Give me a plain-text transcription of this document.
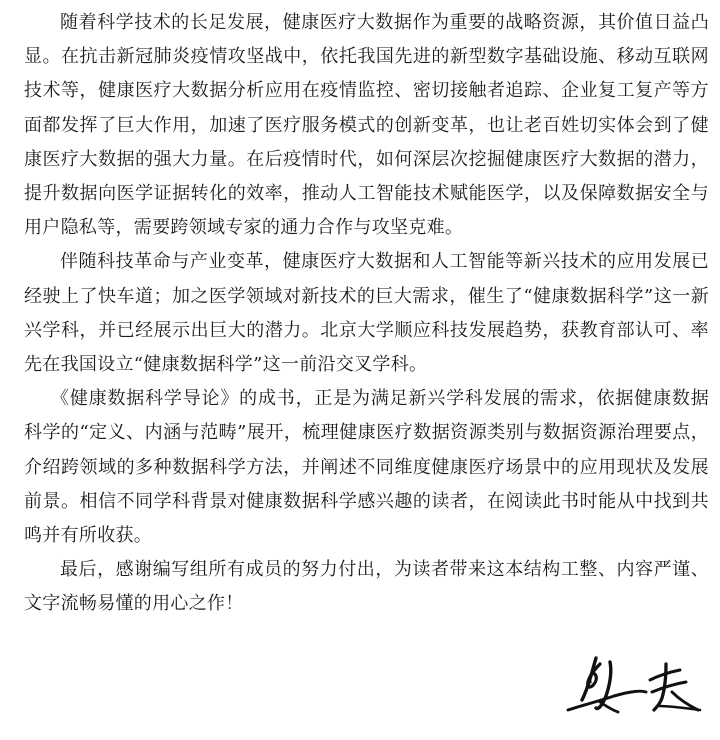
随着科学技术的长足发展，健康医疗大数据作为重要的战略资源，其价值日益凸显。在抗击新冠肺炎疫情攻坚战中，依托我国先进的新型数字基础设施、移动互联网技术等，健康医疗大数据分析应用在疫情监控、密切接触者追踪、企业复工复产等方面都发挥了巨大作用，加速了医疗服务模式的创新变革，也让老百姓切实体会到了健康医疗大数据的强大力量。在后疫情时代，如何深层次挖掘健康医疗大数据的潜力，提升数据向医学证据转化的效率，推动人工智能技术赋能医学，以及保障数据安全与用户隐私等，需要跨领域专家的通力合作与攻坚克难。

伴随科技革命与产业变革，健康医疗大数据和人工智能等新兴技术的应用发展已经驶上了快车道；加之医学领域对新技术的巨大需求，催生了“健康数据科学”这一新兴学科，并已经展示出巨大的潜力。北京大学顺应科技发展趋势，获教育部认可、率先在我国设立“健康数据科学”这一前沿交叉学科。

《健康数据科学导论》的成书，正是为满足新兴学科发展的需求，依据健康数据科学的“定义、内涵与范畴”展开，梳理健康医疗数据资源类别与数据资源治理要点，介绍跨领域的多种数据科学方法，并阐述不同维度健康医疗场景中的应用现状及发展前景。相信不同学科背景对健康数据科学感兴趣的读者，在阅读此书时能从中找到共鸣并有所收获。

最后，感谢编写组所有成员的努力付出，为读者带来这本结构工整、内容严谨、文字流畅易懂的用心之作！
